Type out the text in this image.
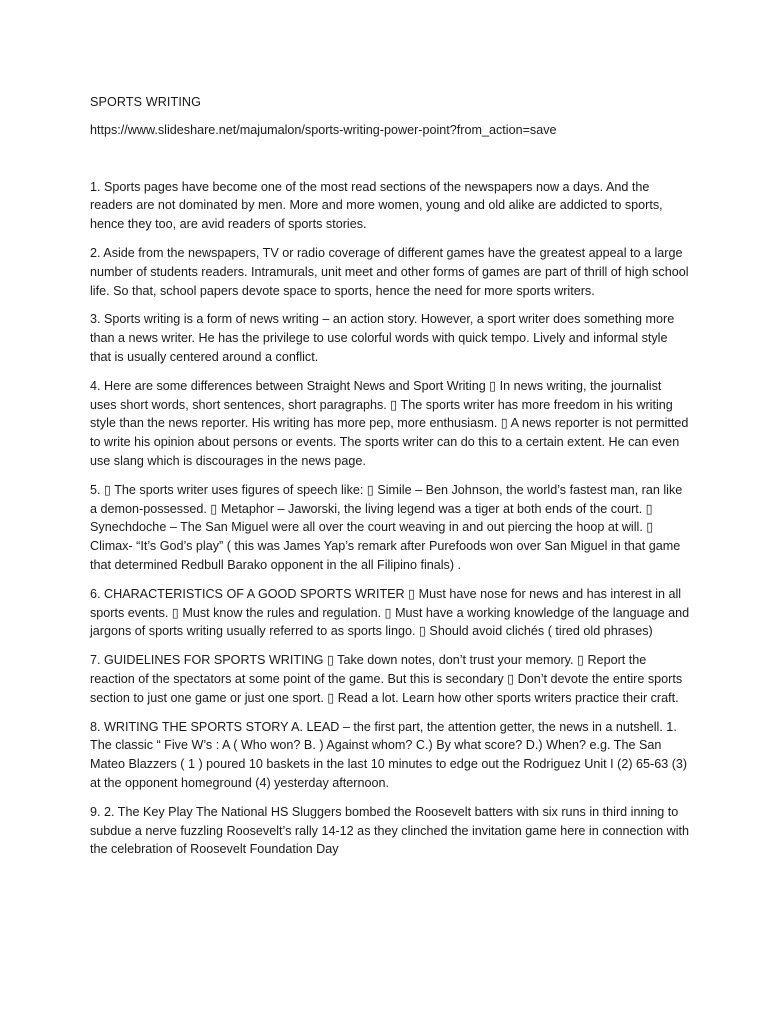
SPORTS WRITING

https://www.slideshare.net/majumalon/sports-writing-power-point?from_action=save

1. Sports pages have become one of the most read sections of the newspapers now a days. And the readers are not dominated by men. More and more women, young and old alike are addicted to sports, hence they too, are avid readers of sports stories.

2. Aside from the newspapers, TV or radio coverage of different games have the greatest appeal to a large number of students readers. Intramurals, unit meet and other forms of games are part of thrill of high school life. So that, school papers devote space to sports, hence the need for more sports writers.

3. Sports writing is a form of news writing – an action story. However, a sport writer does something more than a news writer. He has the privilege to use colorful words with quick tempo. Lively and informal style that is usually centered around a conflict.

4. Here are some differences between Straight News and Sport Writing ▯ In news writing, the journalist uses short words, short sentences, short paragraphs. ▯ The sports writer has more freedom in his writing style than the news reporter. His writing has more pep, more enthusiasm. ▯ A news reporter is not permitted to write his opinion about persons or events. The sports writer can do this to a certain extent. He can even use slang which is discourages in the news page.

5. ▯ The sports writer uses figures of speech like: ▯ Simile – Ben Johnson, the world’s fastest man, ran like a demon-possessed. ▯ Metaphor – Jaworski, the living legend was a tiger at both ends of the court. ▯ Synechdoche – The San Miguel were all over the court weaving in and out piercing the hoop at will. ▯ Climax- “It’s God’s play” ( this was James Yap’s remark after Purefoods won over San Miguel in that game that determined Redbull Barako opponent in the all Filipino finals) .

6. CHARACTERISTICS OF A GOOD SPORTS WRITER ▯ Must have nose for news and has interest in all sports events. ▯ Must know the rules and regulation. ▯ Must have a working knowledge of the language and jargons of sports writing usually referred to as sports lingo. ▯ Should avoid clichés ( tired old phrases)

7. GUIDELINES FOR SPORTS WRITING ▯ Take down notes, don’t trust your memory. ▯ Report the reaction of the spectators at some point of the game. But this is secondary ▯ Don’t devote the entire sports section to just one game or just one sport. ▯ Read a lot. Learn how other sports writers practice their craft.

8. WRITING THE SPORTS STORY A. LEAD – the first part, the attention getter, the news in a nutshell. 1. The classic “ Five W’s : A ( Who won? B. ) Against whom? C.) By what score? D.) When? e.g. The San Mateo Blazzers ( 1 ) poured 10 baskets in the last 10 minutes to edge out the Rodriguez Unit I (2) 65-63 (3) at the opponent homeground (4) yesterday afternoon.

9. 2. The Key Play The National HS Sluggers bombed the Roosevelt batters with six runs in third inning to subdue a nerve fuzzling Roosevelt’s rally 14-12 as they clinched the invitation game here in connection with the celebration of Roosevelt Foundation Day
